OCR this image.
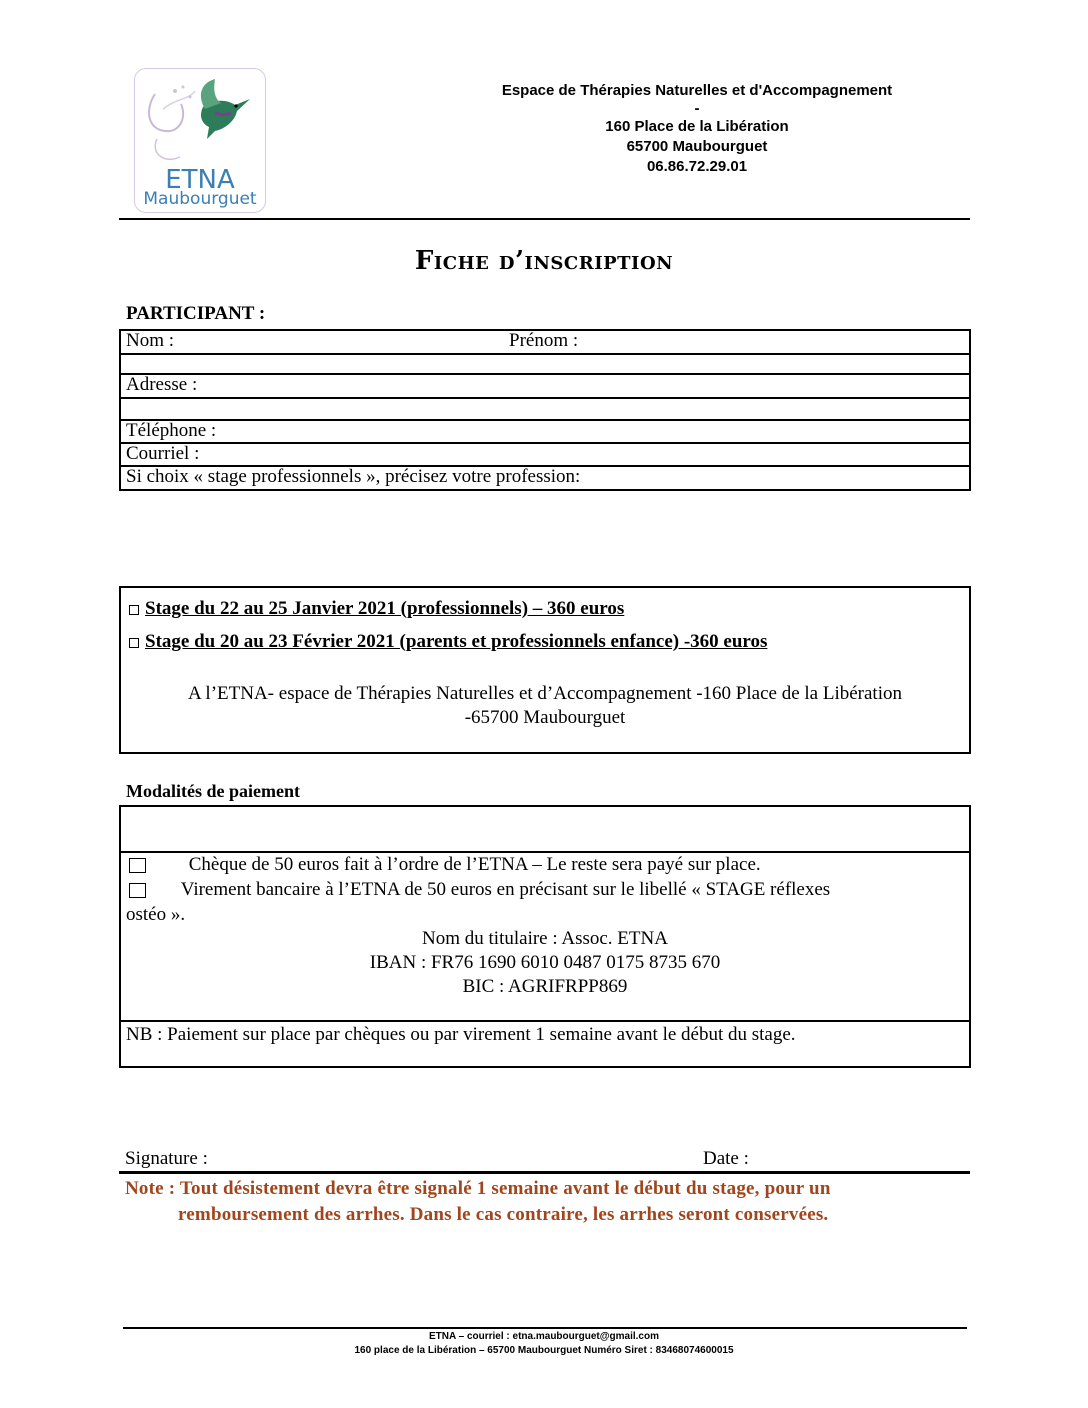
ETNA
Maubourguet
Espace de Thérapies Naturelles et d'Accompagnement
-
160 Place de la Libération
65700 Maubourguet
06.86.72.29.01
Fiche d’inscription
PARTICIPANT :
Nom :	Prénom :

Adresse :

Téléphone :
Courriel :
Si choix « stage professionnels », précisez votre profession:
Stage du 22 au 25 Janvier 2021 (professionnels) – 360 euros
Stage du 20 au 23 Février 2021 (parents et professionnels enfance) -360 euros
A l’ETNA- espace de Thérapies Naturelles et d’Accompagnement -160 Place de la Libération
-65700 Maubourguet
Modalités de paiement
Chèque de 50 euros fait à l’ordre de l’ETNA – Le reste sera payé sur place.
Virement bancaire à l’ETNA de 50 euros en précisant sur le libellé « STAGE réflexes
ostéo ».
Nom du titulaire : Assoc. ETNA
IBAN : FR76 1690 6010 0487 0175 8735 670
BIC : AGRIFRPP869
NB : Paiement sur place par chèques ou par virement 1 semaine avant le début du stage.
Signature :	Date :
Note : Tout désistement devra être signalé 1 semaine avant le début du stage, pour un
remboursement des arrhes. Dans le cas contraire, les arrhes seront conservées.
ETNA – courriel : etna.maubourguet@gmail.com
160 place de la Libération – 65700 Maubourguet Numéro Siret : 83468074600015
